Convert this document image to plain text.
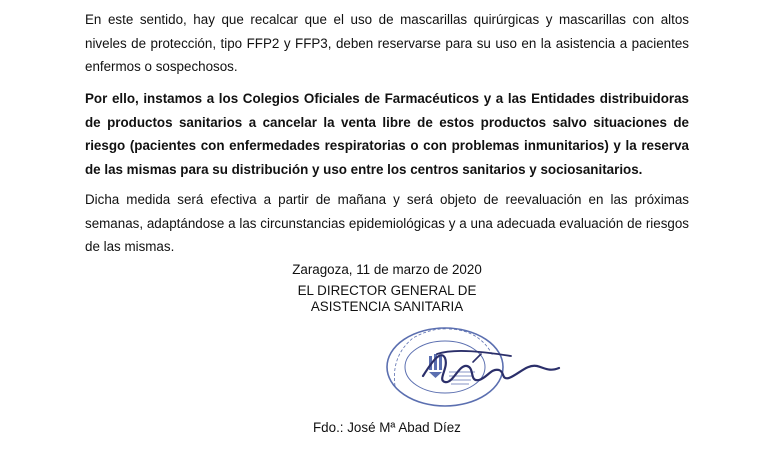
En este sentido, hay que recalcar que el uso de mascarillas quirúrgicas y mascarillas con altos niveles de protección, tipo FFP2 y FFP3, deben reservarse para su uso en la asistencia a pacientes enfermos o sospechosos.

Por ello, instamos a los Colegios Oficiales de Farmacéuticos y a las Entidades distribuidoras de productos sanitarios a cancelar la venta libre de estos productos salvo situaciones de riesgo (pacientes con enfermedades respiratorias o con problemas inmunitarios) y la reserva de las mismas para su distribución y uso entre los centros sanitarios y sociosanitarios.

Dicha medida será efectiva a partir de mañana y será objeto de reevaluación en las próximas semanas, adaptándose a las circunstancias epidemiológicas y a una adecuada evaluación de riesgos de las mismas.

Zaragoza, 11 de marzo de 2020
EL DIRECTOR GENERAL DE
ASISTENCIA SANITARIA
Fdo.: José Mª Abad Díez
